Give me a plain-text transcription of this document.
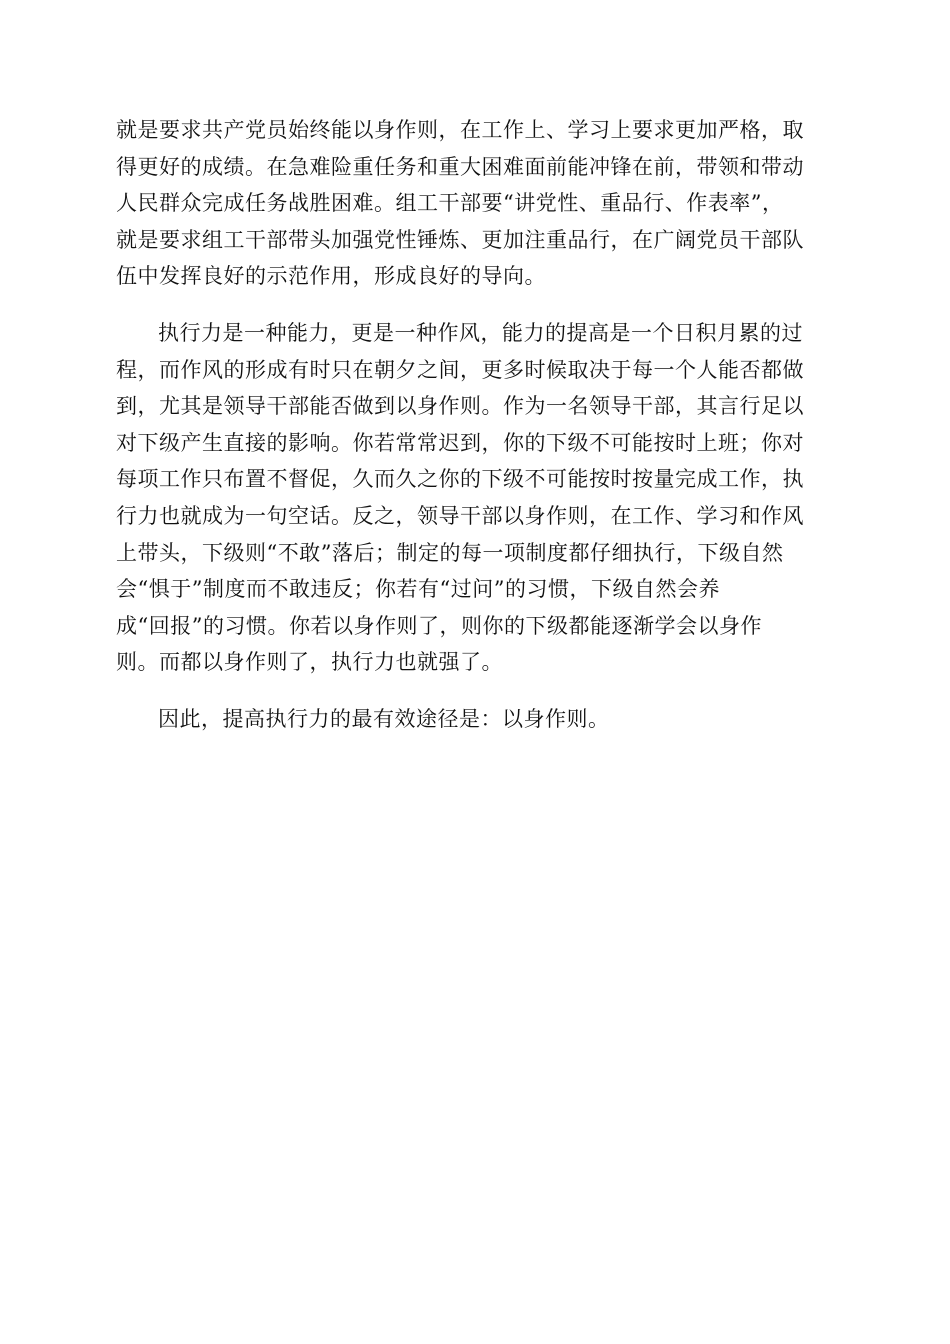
就是要求共产党员始终能以身作则，在工作上、学习上要求更加严格，取
得更好的成绩。在急难险重任务和重大困难面前能冲锋在前，带领和带动
人民群众完成任务战胜困难。组工干部要“讲党性、重品行、作表率”，
就是要求组工干部带头加强党性锤炼、更加注重品行，在广阔党员干部队
伍中发挥良好的示范作用，形成良好的导向。

执行力是一种能力，更是一种作风，能力的提高是一个日积月累的过
程，而作风的形成有时只在朝夕之间，更多时候取决于每一个人能否都做
到，尤其是领导干部能否做到以身作则。作为一名领导干部，其言行足以
对下级产生直接的影响。你若常常迟到，你的下级不可能按时上班；你对
每项工作只布置不督促，久而久之你的下级不可能按时按量完成工作，执
行力也就成为一句空话。反之，领导干部以身作则，在工作、学习和作风
上带头，下级则“不敢”落后；制定的每一项制度都仔细执行，下级自然
会“惧于”制度而不敢违反；你若有“过问”的习惯，下级自然会养
成“回报”的习惯。你若以身作则了，则你的下级都能逐渐学会以身作
则。而都以身作则了，执行力也就强了。

因此，提高执行力的最有效途径是：以身作则。
